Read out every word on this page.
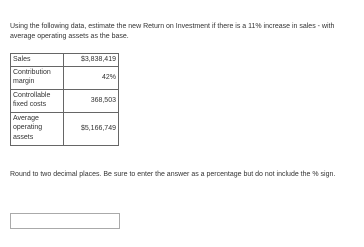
Using the following data, estimate the new Return on Investment if there is a 11% increase in sales - with average operating assets as the base.

Sales	$3,838,419
Contribution margin	42%
Controllable fixed costs	368,503
Average operating assets	$5,166,749

Round to two decimal places. Be sure to enter the answer as a percentage but do not include the % sign.
